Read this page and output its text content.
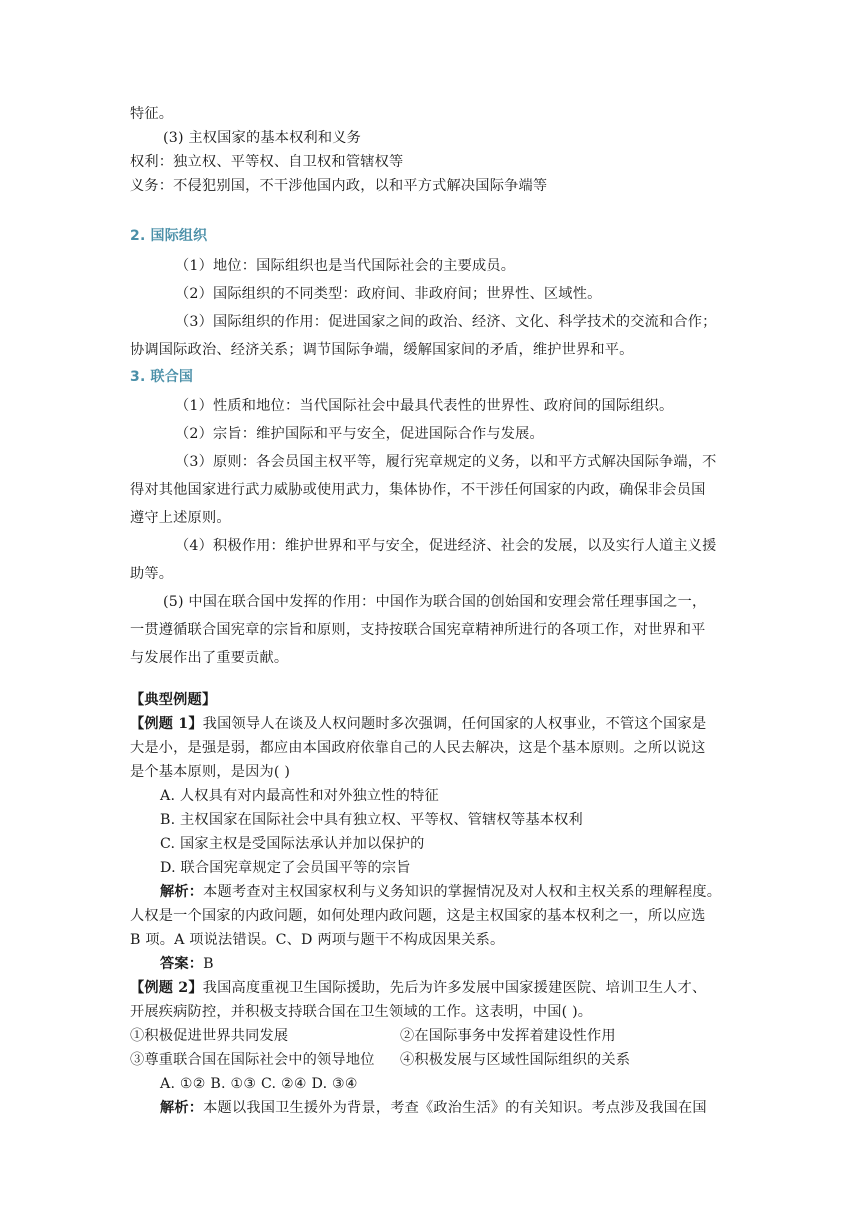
特征。
(3) 主权国家的基本权利和义务
权利：独立权、平等权、自卫权和管辖权等
义务：不侵犯别国，不干涉他国内政，以和平方式解决国际争端等
2. 国际组织
（1）地位：国际组织也是当代国际社会的主要成员。
（2）国际组织的不同类型：政府间、非政府间；世界性、区域性。
（3）国际组织的作用：促进国家之间的政治、经济、文化、科学技术的交流和合作；
协调国际政治、经济关系；调节国际争端，缓解国家间的矛盾，维护世界和平。
3. 联合国
（1）性质和地位：当代国际社会中最具代表性的世界性、政府间的国际组织。
（2）宗旨：维护国际和平与安全，促进国际合作与发展。
（3）原则：各会员国主权平等，履行宪章规定的义务，以和平方式解决国际争端，不
得对其他国家进行武力威胁或使用武力，集体协作，不干涉任何国家的内政，确保非会员国
遵守上述原则。
（4）积极作用：维护世界和平与安全，促进经济、社会的发展，以及实行人道主义援
助等。
(5) 中国在联合国中发挥的作用：中国作为联合国的创始国和安理会常任理事国之一，
一贯遵循联合国宪章的宗旨和原则，支持按联合国宪章精神所进行的各项工作，对世界和平
与发展作出了重要贡献。
【典型例题】
【例题 1】我国领导人在谈及人权问题时多次强调，任何国家的人权事业，不管这个国家是
大是小，是强是弱，都应由本国政府依靠自己的人民去解决，这是个基本原则。之所以说这
是个基本原则，是因为( )
A. 人权具有对内最高性和对外独立性的特征
B. 主权国家在国际社会中具有独立权、平等权、管辖权等基本权利
C. 国家主权是受国际法承认并加以保护的
D. 联合国宪章规定了会员国平等的宗旨
解析：本题考查对主权国家权利与义务知识的掌握情况及对人权和主权关系的理解程度。
人权是一个国家的内政问题，如何处理内政问题，这是主权国家的基本权利之一，所以应选
B 项。A 项说法错误。C、D 两项与题干不构成因果关系。
答案：B
【例题 2】我国高度重视卫生国际援助，先后为许多发展中国家援建医院、培训卫生人才、
开展疾病防控，并积极支持联合国在卫生领域的工作。这表明，中国( )。
①积极促进世界共同发展	②在国际事务中发挥着建设性作用
③尊重联合国在国际社会中的领导地位 ④积极发展与区域性国际组织的关系
A. ①② B. ①③ C. ②④ D. ③④
解析：本题以我国卫生援外为背景，考查《政治生活》的有关知识。考点涉及我国在国
